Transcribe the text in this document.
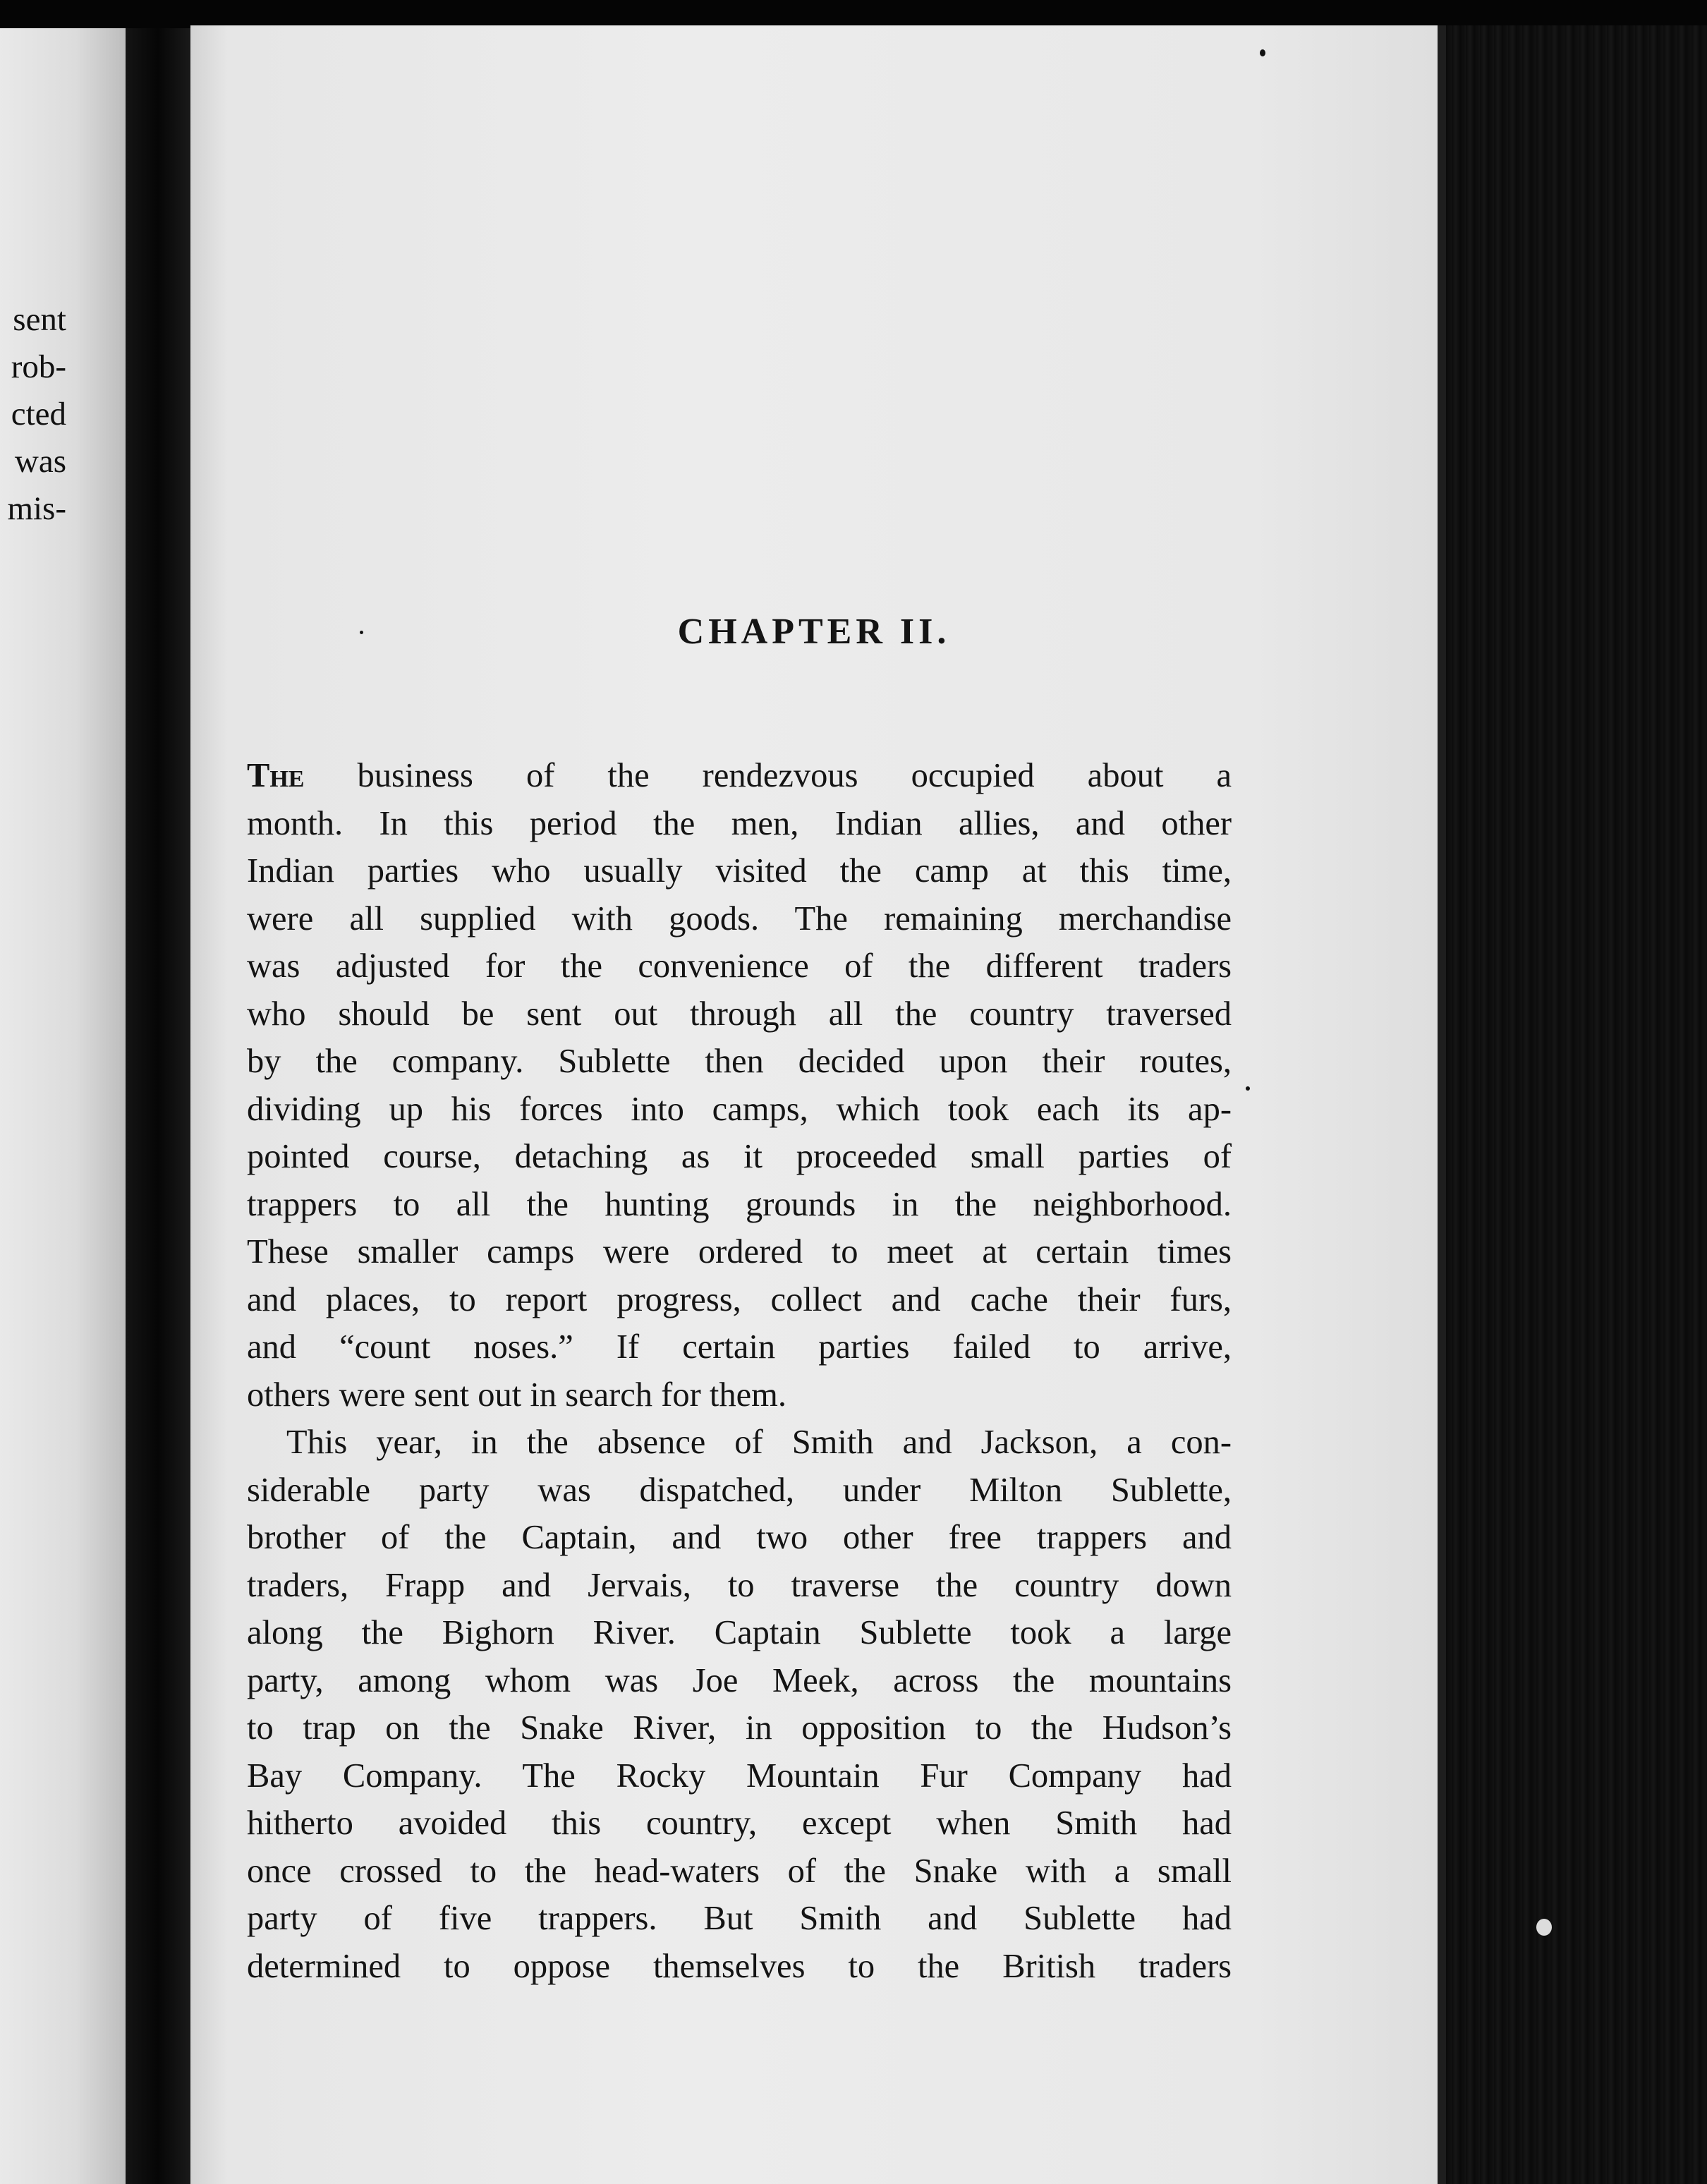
sent
rob-
cted
was
mis-
CHAPTER II.
The business of the rendezvous occupied about a
month. In this period the men, Indian allies, and other
Indian parties who usually visited the camp at this time,
were all supplied with goods. The remaining merchandise
was adjusted for the convenience of the different traders
who should be sent out through all the country traversed
by the company. Sublette then decided upon their routes,
dividing up his forces into camps, which took each its ap-
pointed course, detaching as it proceeded small parties of
trappers to all the hunting grounds in the neighborhood.
These smaller camps were ordered to meet at certain times
and places, to report progress, collect and cache their furs,
and “count noses.” If certain parties failed to arrive,
others were sent out in search for them.
This year, in the absence of Smith and Jackson, a con-
siderable party was dispatched, under Milton Sublette,
brother of the Captain, and two other free trappers and
traders, Frapp and Jervais, to traverse the country down
along the Bighorn River. Captain Sublette took a large
party, among whom was Joe Meek, across the mountains
to trap on the Snake River, in opposition to the Hudson’s
Bay Company. The Rocky Mountain Fur Company had
hitherto avoided this country, except when Smith had
once crossed to the head-waters of the Snake with a small
party of five trappers. But Smith and Sublette had
determined to oppose themselves to the British traders
